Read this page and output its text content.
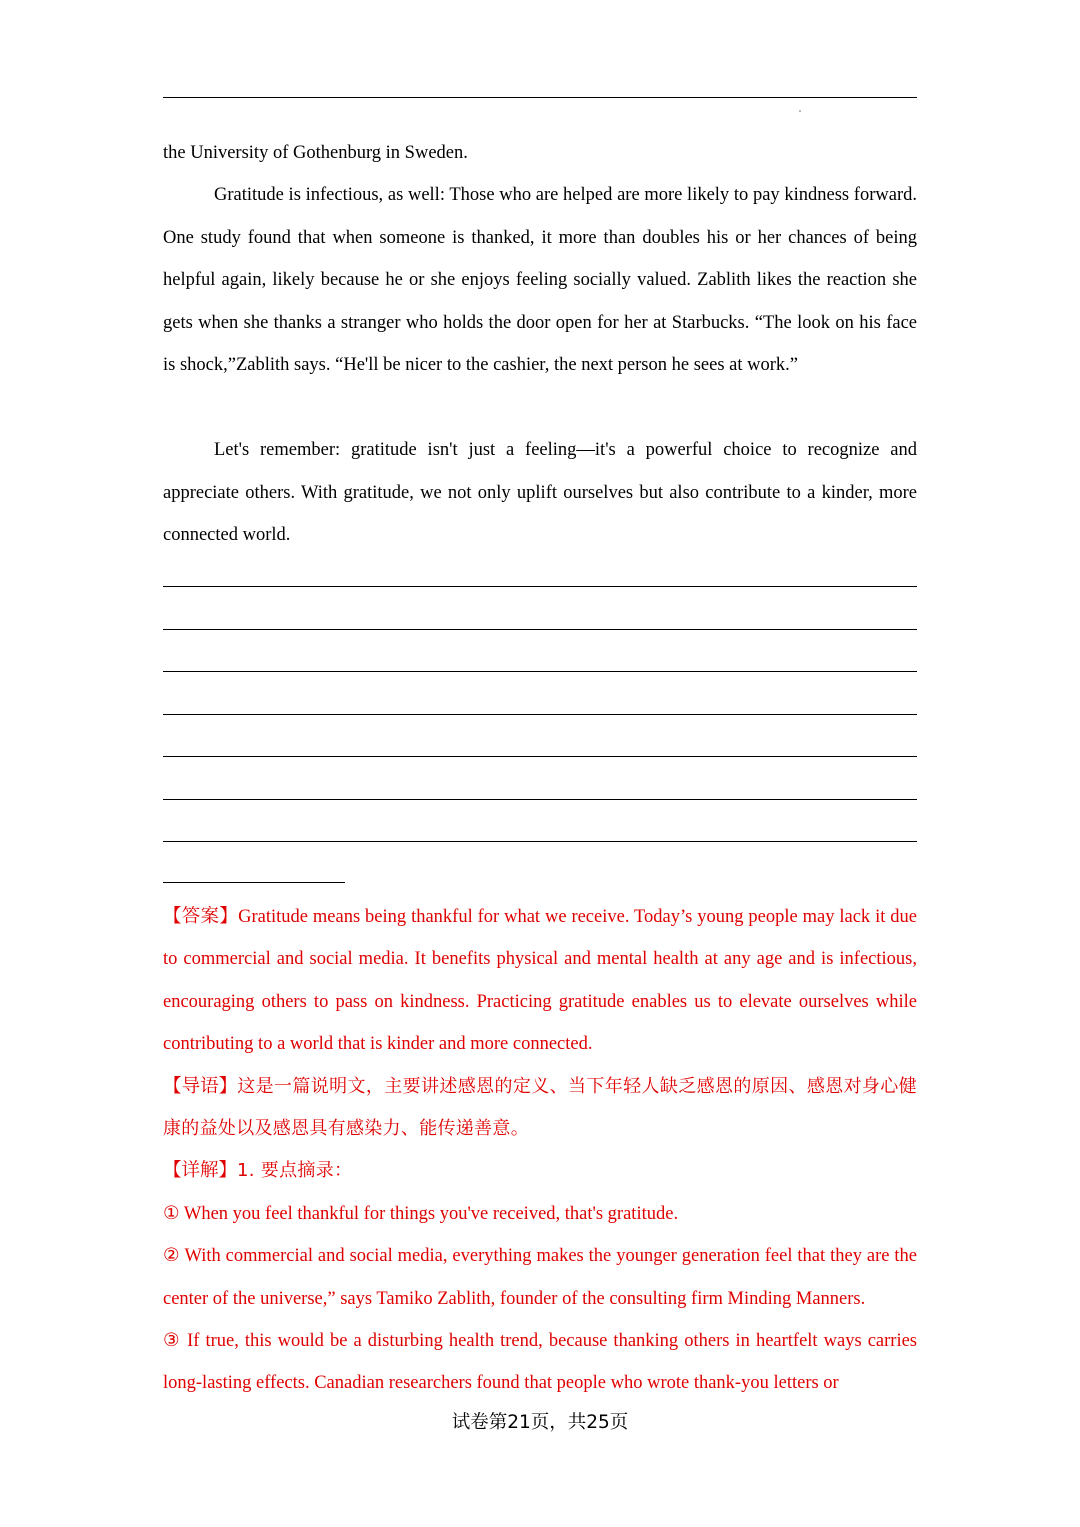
the University of Gothenburg in Sweden.

Gratitude is infectious, as well: Those who are helped are more likely to pay kindness forward. One study found that when someone is thanked, it more than doubles his or her chances of being helpful again, likely because he or she enjoys feeling socially valued. Zablith likes the reaction she gets when she thanks a stranger who holds the door open for her at Starbucks. “The look on his face is shock,”Zablith says. “He'll be nicer to the cashier, the next person he sees at work.”

Let's remember: gratitude isn't just a feeling—it's a powerful choice to recognize and appreciate others. With gratitude, we not only uplift ourselves but also contribute to a kinder, more connected world.

【答案】Gratitude means being thankful for what we receive. Today’s young people may lack it due to commercial and social media. It benefits physical and mental health at any age and is infectious, encouraging others to pass on kindness. Practicing gratitude enables us to elevate ourselves while contributing to a world that is kinder and more connected.

【导语】这是一篇说明文，主要讲述感恩的定义、当下年轻人缺乏感恩的原因、感恩对身心健康的益处以及感恩具有感染力、能传递善意。

【详解】1. 要点摘录：

① When you feel thankful for things you've received, that's gratitude.

② With commercial and social media, everything makes the younger generation feel that they are the center of the universe,” says Tamiko Zablith, founder of the consulting firm Minding Manners.

③ If true, this would be a disturbing health trend, because thanking others in heartfelt ways carries long-lasting effects. Canadian researchers found that people who wrote thank-you letters or

试卷第21页，共25页
